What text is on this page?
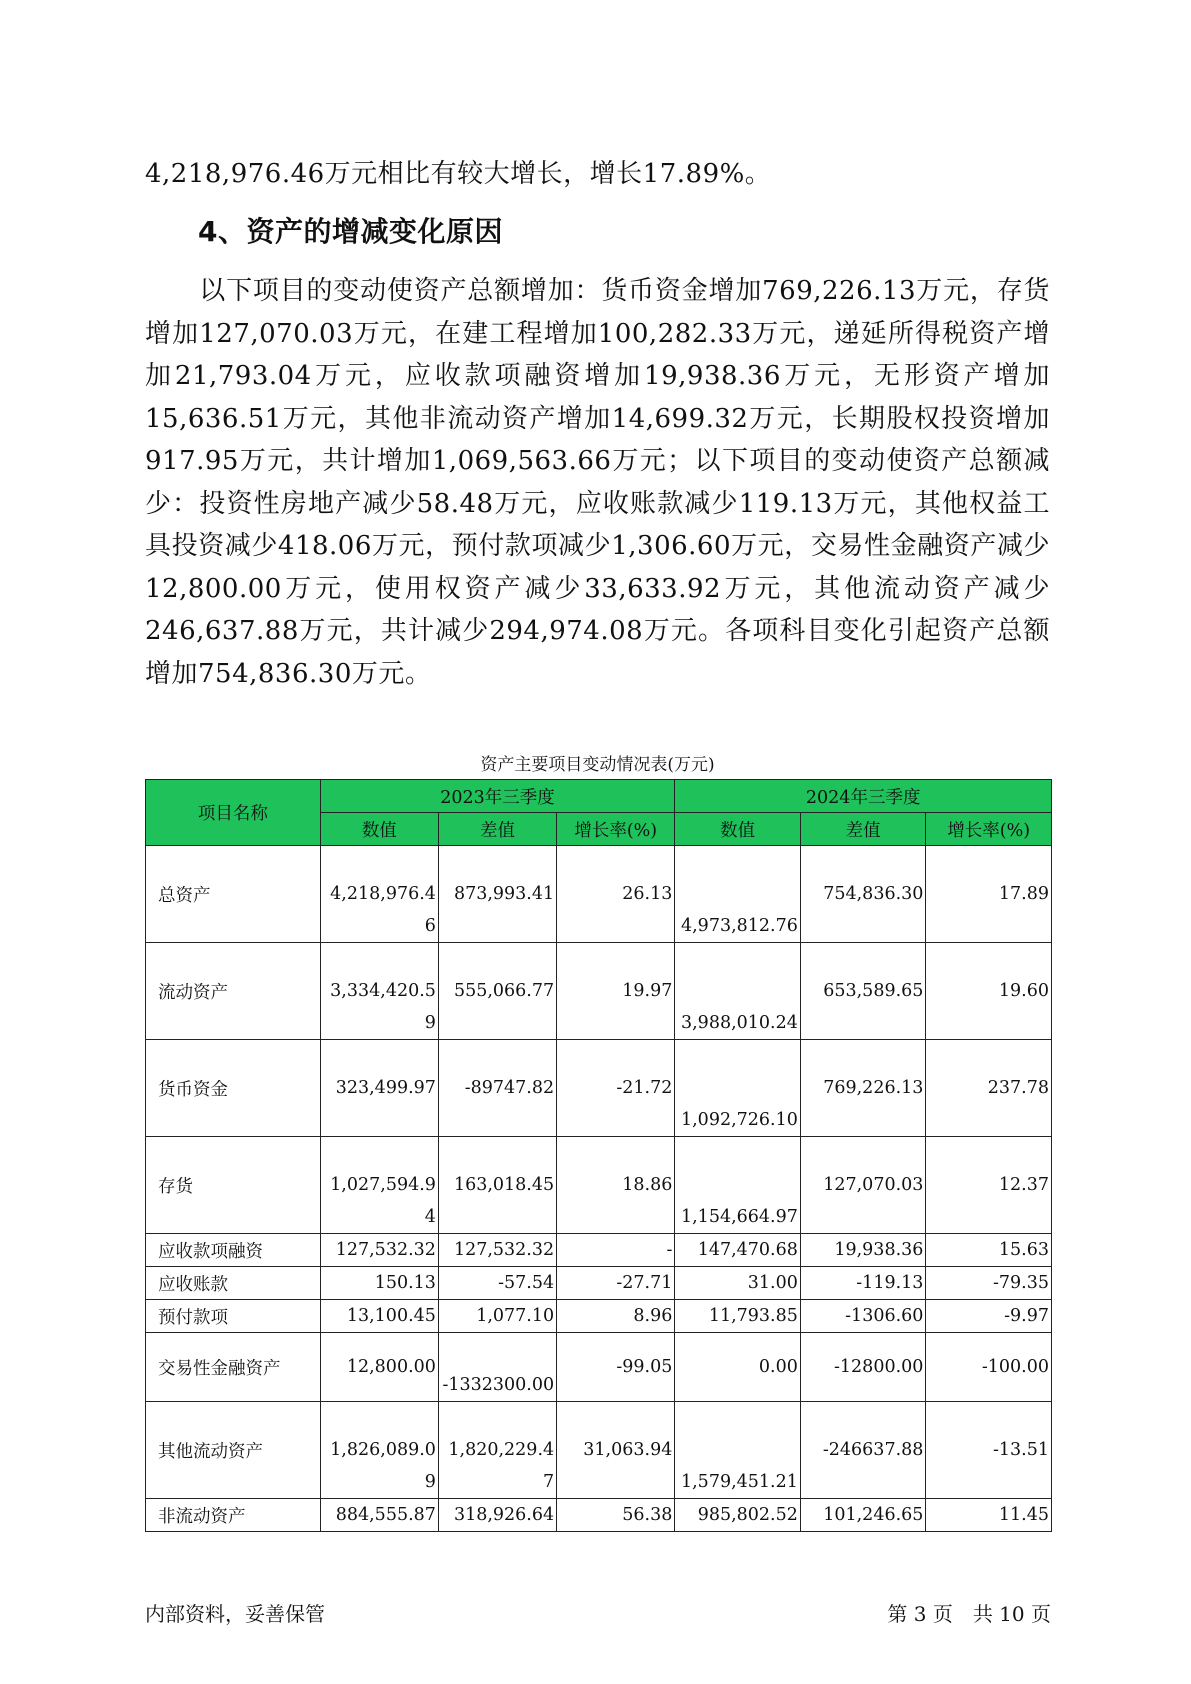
4,218,976.46万元相比有较大增长，增长17.89%。

4、资产的增减变化原因

以下项目的变动使资产总额增加：货币资金增加769,226.13万元，存货增加127,070.03万元，在建工程增加100,282.33万元，递延所得税资产增加21,793.04万元，应收款项融资增加19,938.36万元，无形资产增加15,636.51万元，其他非流动资产增加14,699.32万元，长期股权投资增加917.95万元，共计增加1,069,563.66万元；以下项目的变动使资产总额减少：投资性房地产减少58.48万元，应收账款减少119.13万元，其他权益工具投资减少418.06万元，预付款项减少1,306.60万元，交易性金融资产减少12,800.00万元，使用权资产减少33,633.92万元，其他流动资产减少246,637.88万元，共计减少294,974.08万元。各项科目变化引起资产总额增加754,836.30万元。

资产主要项目变动情况表(万元)
项目名称	2023年三季度			2024年三季度		
	数值	差值	增长率(%)	数值	差值	增长率(%)
总资产	4,218,976.46	873,993.41	26.13	4,973,812.76	754,836.30	17.89
流动资产	3,334,420.59	555,066.77	19.97	3,988,010.24	653,589.65	19.60
货币资金	323,499.97	-89747.82	-21.72	1,092,726.10	769,226.13	237.78
存货	1,027,594.94	163,018.45	18.86	1,154,664.97	127,070.03	12.37
应收款项融资	127,532.32	127,532.32	-	147,470.68	19,938.36	15.63
应收账款	150.13	-57.54	-27.71	31.00	-119.13	-79.35
预付款项	13,100.45	1,077.10	8.96	11,793.85	-1306.60	-9.97
交易性金融资产	12,800.00	-1332300.00	-99.05	0.00	-12800.00	-100.00
其他流动资产	1,826,089.09	1,820,229.47	31,063.94	1,579,451.21	-246637.88	-13.51
非流动资产	884,555.87	318,926.64	56.38	985,802.52	101,246.65	11.45
内部资料，妥善保管	第 3 页　共 10 页
